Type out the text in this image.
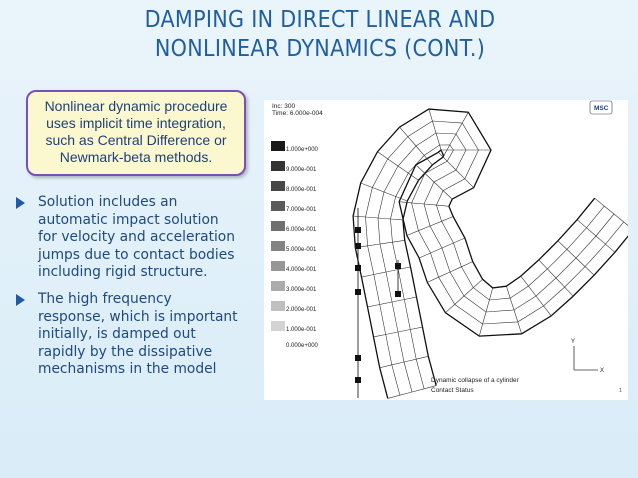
DAMPING IN DIRECT LINEAR AND
NONLINEAR DYNAMICS (CONT.)
Nonlinear dynamic procedure
uses implicit time integration,
such as Central Difference or
Newmark-beta methods.
Solution includes an
automatic impact solution
for velocity and acceleration
jumps due to contact bodies
including rigid structure.
The high frequency
response, which is important
initially, is damped out
rapidly by the dissipative
mechanisms in the model
Inc: 300
Time: 6.000e-004
MSC
1.000e+000
9.000e-001
8.000e-001
7.000e-001
6.000e-001
5.000e-001
4.000e-001
3.000e-001
2.000e-001
1.000e-001
0.000e+000
Y
X
Dynamic collapse of a cylinder
Contact Status	1
